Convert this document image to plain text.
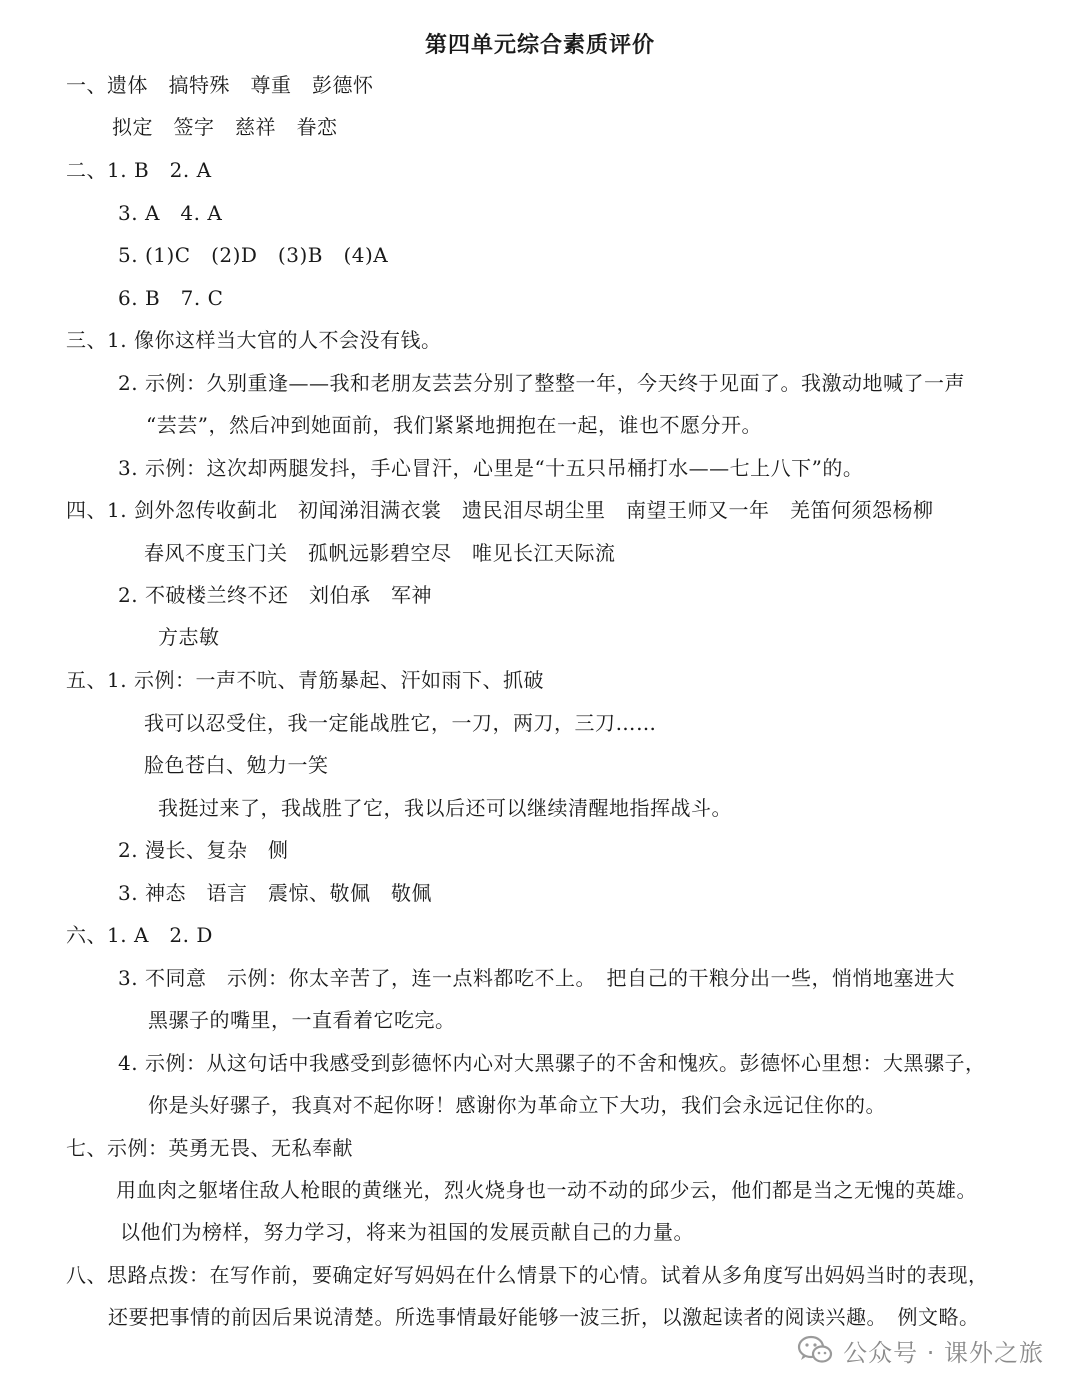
第四单元综合素质评价
一、遗体　搞特殊　尊重　彭德怀
拟定　签字　慈祥　眷恋
二、1. B　2. A
3. A　4. A
5. (1)C　(2)D　(3)B　(4)A
6. B　7. C
三、1. 像你这样当大官的人不会没有钱。
2. 示例：久别重逢——我和老朋友芸芸分别了整整一年，今天终于见面了。我激动地喊了一声
“芸芸”，然后冲到她面前，我们紧紧地拥抱在一起，谁也不愿分开。
3. 示例：这次却两腿发抖，手心冒汗，心里是“十五只吊桶打水——七上八下”的。
四、1. 剑外忽传收蓟北　初闻涕泪满衣裳　遗民泪尽胡尘里　南望王师又一年　羌笛何须怨杨柳
春风不度玉门关　孤帆远影碧空尽　唯见长江天际流
2. 不破楼兰终不还　刘伯承　军神
方志敏
五、1. 示例：一声不吭、青筋暴起、汗如雨下、抓破
我可以忍受住，我一定能战胜它，一刀，两刀，三刀……
脸色苍白、勉力一笑
我挺过来了，我战胜了它，我以后还可以继续清醒地指挥战斗。
2. 漫长、复杂　侧
3. 神态　语言　震惊、敬佩　敬佩
六、1. A　2. D
3. 不同意　示例：你太辛苦了，连一点料都吃不上。　把自己的干粮分出一些，悄悄地塞进大
黑骡子的嘴里，一直看着它吃完。
4. 示例：从这句话中我感受到彭德怀内心对大黑骡子的不舍和愧疚。彭德怀心里想：大黑骡子，
你是头好骡子，我真对不起你呀！感谢你为革命立下大功，我们会永远记住你的。
七、示例：英勇无畏、无私奉献
用血肉之躯堵住敌人枪眼的黄继光，烈火烧身也一动不动的邱少云，他们都是当之无愧的英雄。
以他们为榜样，努力学习，将来为祖国的发展贡献自己的力量。
八、思路点拨：在写作前，要确定好写妈妈在什么情景下的心情。试着从多角度写出妈妈当时的表现，
还要把事情的前因后果说清楚。所选事情最好能够一波三折，以激起读者的阅读兴趣。　例文略。
公众号 · 课外之旅
